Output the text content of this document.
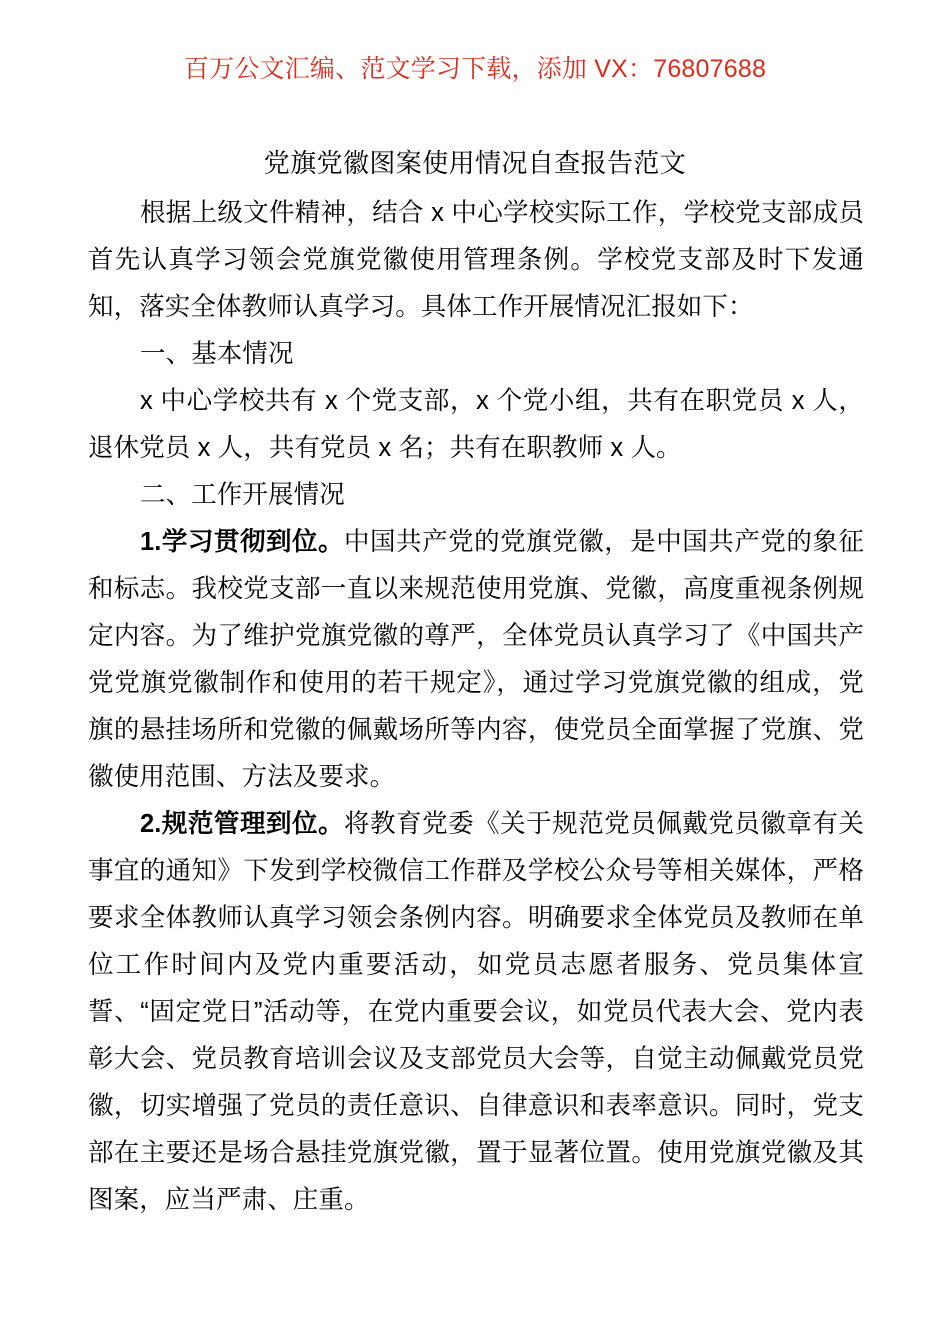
百万公文汇编、范文学习下载，添加 VX：76807688
党旗党徽图案使用情况自查报告范文

根据上级文件精神，结合 x 中心学校实际工作，学校党支部成员首先认真学习领会党旗党徽使用管理条例。学校党支部及时下发通知，落实全体教师认真学习。具体工作开展情况汇报如下：

一、基本情况

x 中心学校共有 x 个党支部，x 个党小组，共有在职党员 x 人，退休党员 x 人，共有党员 x 名；共有在职教师 x 人。

二、工作开展情况

1.学习贯彻到位。中国共产党的党旗党徽，是中国共产党的象征和标志。我校党支部一直以来规范使用党旗、党徽，高度重视条例规定内容。为了维护党旗党徽的尊严，全体党员认真学习了《中国共产党党旗党徽制作和使用的若干规定》，通过学习党旗党徽的组成，党旗的悬挂场所和党徽的佩戴场所等内容，使党员全面掌握了党旗、党徽使用范围、方法及要求。

2.规范管理到位。将教育党委《关于规范党员佩戴党员徽章有关事宜的通知》下发到学校微信工作群及学校公众号等相关媒体，严格要求全体教师认真学习领会条例内容。明确要求全体党员及教师在单位工作时间内及党内重要活动，如党员志愿者服务、党员集体宣誓、“固定党日”活动等，在党内重要会议，如党员代表大会、党内表彰大会、党员教育培训会议及支部党员大会等，自觉主动佩戴党员党徽，切实增强了党员的责任意识、自律意识和表率意识。同时，党支部在主要还是场合悬挂党旗党徽，置于显著位置。使用党旗党徽及其图案，应当严肃、庄重。
